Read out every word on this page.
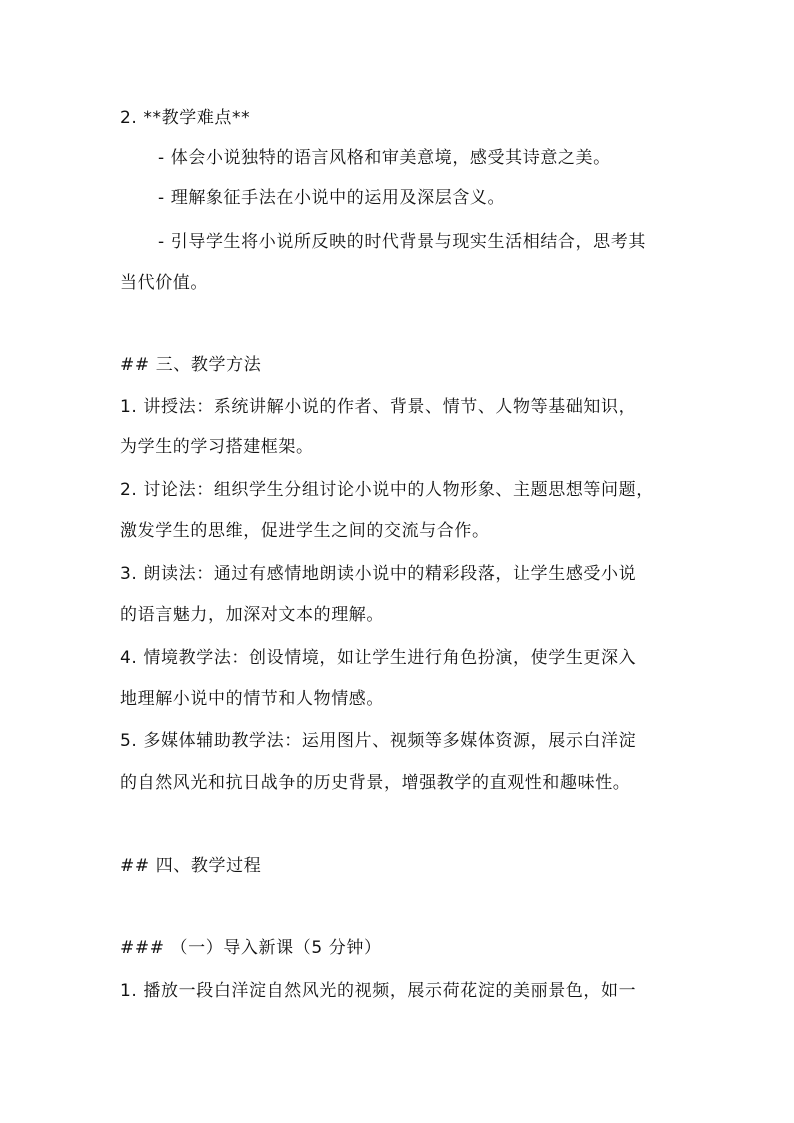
2. **教学难点**
- 体会小说独特的语言风格和审美意境，感受其诗意之美。
- 理解象征手法在小说中的运用及深层含义。
- 引导学生将小说所反映的时代背景与现实生活相结合，思考其
当代价值。
## 三、教学方法
1. 讲授法：系统讲解小说的作者、背景、情节、人物等基础知识，
为学生的学习搭建框架。
2. 讨论法：组织学生分组讨论小说中的人物形象、主题思想等问题，
激发学生的思维，促进学生之间的交流与合作。
3. 朗读法：通过有感情地朗读小说中的精彩段落，让学生感受小说
的语言魅力，加深对文本的理解。
4. 情境教学法：创设情境，如让学生进行角色扮演，使学生更深入
地理解小说中的情节和人物情感。
5. 多媒体辅助教学法：运用图片、视频等多媒体资源，展示白洋淀
的自然风光和抗日战争的历史背景，增强教学的直观性和趣味性。
## 四、教学过程
### （一）导入新课（5 分钟）
1. 播放一段白洋淀自然风光的视频，展示荷花淀的美丽景色，如一
